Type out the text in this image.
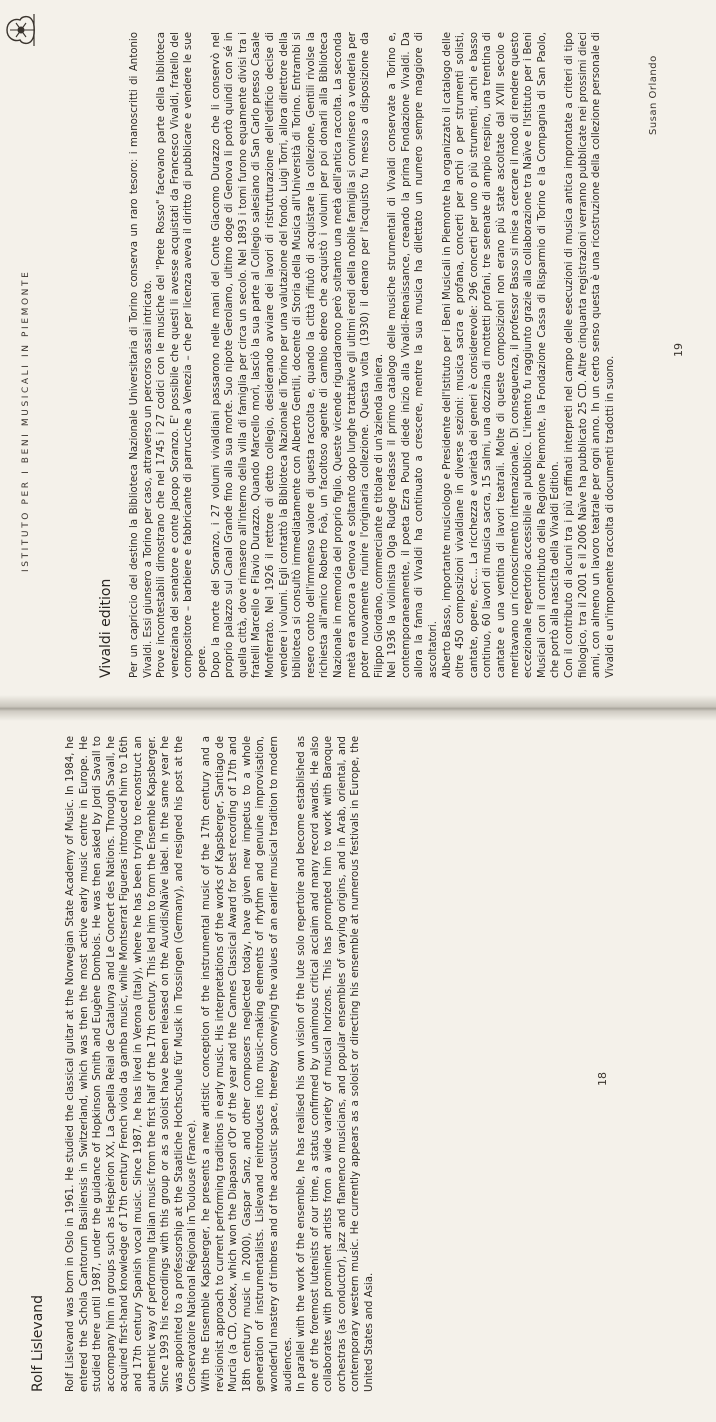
ISTITUTO PER I BENI MUSICALI IN PIEMONTE
Vivaldi edition Per un capriccio del destino la Biblioteca Nazionale Universitaria di Torino conserva un raro tesoro: i manoscritti di Antonio Vivaldi. Essi giunsero a Torino per caso, attraverso un percorso assai intricato. Prove incontestabili dimostrano che nel 1745 i 27 codici con le musiche del "Prete Rosso" facevano parte della biblioteca veneziana del senatore e conte Jacopo Soranzo. E' possibile che questi li avesse acquistati da Francesco Vivaldi, fratello del compositore – barbiere e fabbricante di parrucche a Venezia – che per licenza aveva il diritto di pubblicare e vendere le sue opere. Dopo la morte del Soranzo, i 27 volumi vivaldiani passarono nelle mani del Conte Giacomo Durazzo che li conservò nel proprio palazzo sul Canal Grande fino alla sua morte. Suo nipote Gerolamo, ultimo doge di Genova li portò quindi con sé in quella città, dove rimasero all'interno della villa di famiglia per circa un secolo. Nel 1893 i tomi furono equamente divisi tra i fratelli Marcello e Flavio Durazzo. Quando Marcello morì, lasciò la sua parte al Collegio salesiano di San Carlo presso Casale Monferrato. Nel 1926 il rettore di detto collegio, desiderando avviare dei lavori di ristrutturazione dell'edificio decise di vendere i volumi. Egli contattò la Biblioteca Nazionale di Torino per una valutazione del fondo. Luigi Torri, allora direttore della biblioteca si consultò immediatamente con Alberto Gentili, docente di Storia della Musica all'Università di Torino. Entrambi si resero conto dell'immenso valore di questa raccolta e, quando la città rifiutò di acquistare la collezione, Gentili rivolse la richiesta all'amico Roberto Foà, un facoltoso agente di cambio ebreo che acquistò i volumi per poi donarli alla Biblioteca Nazionale in memoria del proprio figlio. Queste vicende riguardarono però soltanto una metà dell'antica raccolta. La seconda metà era ancora a Genova e soltanto dopo lunghe trattative gli ultimi eredi della nobile famiglia si convinsero a venderla per poter nuovamente riunire l'originaria collezione. Questa volta (1930) il denaro per l'acquisto fu messo a disposizione da Filippo Giordano, commerciante e titolare di un'azienda laniera. Nel 1936 la violinista Olga Rudge redasse il primo catalogo delle musiche strumentali di Vivaldi conservate a Torino e, contemporaneamente, il poeta Ezra Pound diede inizio alla Vivaldi-Renaissance, creando la prima Fondazione Vivaldi. Da allora la fama di Vivaldi ha continuato a crescere, mentre la sua musica ha dilettato un numero sempre maggiore di ascoltatori. Alberto Basso, importante musicologo e Presidente dell'Istituto per i Beni Musicali in Piemonte ha organizzato il catalogo delle oltre 450 composizioni vivaldiane in diverse sezioni: musica sacra e profana, concerti per archi o per strumenti solisti, cantate, opere, ecc... La ricchezza e varietà dei generi è considerevole: 296 concerti per uno o più strumenti, archi e basso continuo, 60 lavori di musica sacra, 15 salmi, una dozzina di mottetti profani, tre serenate di ampio respiro, una trentina di cantate e una ventina di lavori teatrali. Molte di queste composizioni non erano più state ascoltate dal XVIII secolo e meritavano un riconoscimento internazionale. Di conseguenza, il professor Basso si mise a cercare il modo di rendere questo eccezionale repertorio accessibile al pubblico. L'intento fu raggiunto grazie alla collaborazione tra Naïve e l'Istituto per i Beni Musicali con il contributo della Regione Piemonte, la Fondazione Cassa di Risparmio di Torino e la Compagnia di San Paolo, che portò alla nascita della Vivaldi Edition. Con il contributo di alcuni tra i più raffinati interpreti nel campo delle esecuzioni di musica antica improntate a criteri di tipo filologico, tra il 2001 e il 2006 Naïve ha pubblicato 25 CD. Altre cinquanta registrazioni verranno pubblicate nei prossimi dieci anni, con almeno un lavoro teatrale per ogni anno. In un certo senso questa è una ricostruzione della collezione personale di Vivaldi e un'imponente raccolta di documenti tradotti in suono.

Susan Orlando
19
Rolf Lislevand Rolf Lislevand was born in Oslo in 1961. He studied the classical guitar at the Norwegian State Academy of Music. In 1984, he entered the Schola Cantorum Basiliensis in Switzerland, which was then the most active early music centre in Europe. He studied there until 1987, under the guidance of Hopkinson Smith and Eugène Dombois. He was then asked by Jordi Savall to accompany him in groups such as Hespèrion XX, La Capella Reial de Catalunya and Le Concert des Nations. Through Savall, he acquired first-hand knowledge of 17th century French viola da gamba music, while Montserrat Figueras introduced him to 16th and 17th century Spanish vocal music. Since 1987, he has lived in Verona (Italy), where he has been trying to reconstruct an authentic way of performing Italian music from the first half of the 17th century. This led him to form the Ensemble Kapsberger. Since 1993 his recordings with this group or as a soloist have been released on the Auvidis/Naïve label. In the same year he was appointed to a professorship at the Staatliche Hochschule für Musik in Trossingen (Germany), and resigned his post at the Conservatoire National Régional in Toulouse (France). With the Ensemble Kapsberger, he presents a new artistic conception of the instrumental music of the 17th century and a revisionist approach to current performing traditions in early music. His interpretations of the works of Kapsberger, Santiago de Murcia (a CD, Codex, which won the Diapason d'Or of the year and the Cannes Classical Award for best recording of 17th and 18th century music in 2000), Gaspar Sanz, and other composers neglected today, have given new impetus to a whole generation of instrumentalists. Lislevand reintroduces into music-making elements of rhythm and genuine improvisation, wonderful mastery of timbres and of the acoustic space, thereby conveying the values of an earlier musical tradition to modern audiences. In parallel with the work of the ensemble, he has realised his own vision of the lute solo repertoire and become established as one of the foremost lutenists of our time, a status confirmed by unanimous critical acclaim and many record awards. He also collaborates with prominent artists from a wide variety of musical horizons. This has prompted him to work with Baroque orchestras (as conductor), jazz and flamenco musicians, and popular ensembles of varying origins, and in Arab, oriental, and contemporary western music. He currently appears as a soloist or directing his ensemble at numerous festivals in Europe, the United States and Asia.

18
